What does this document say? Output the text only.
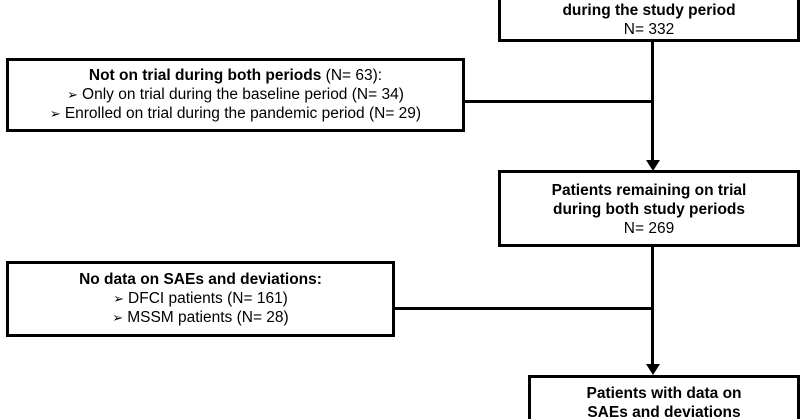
during the study period
N= 332
Not on trial during both periods (N= 63):
➢ Only on trial during the baseline period (N= 34)
➢ Enrolled on trial during the pandemic period (N= 29)
Patients remaining on trial
during both study periods
N= 269
No data on SAEs and deviations:
➢ DFCI patients (N= 161)
➢ MSSM patients (N= 28)
Patients with data on
SAEs and deviations
